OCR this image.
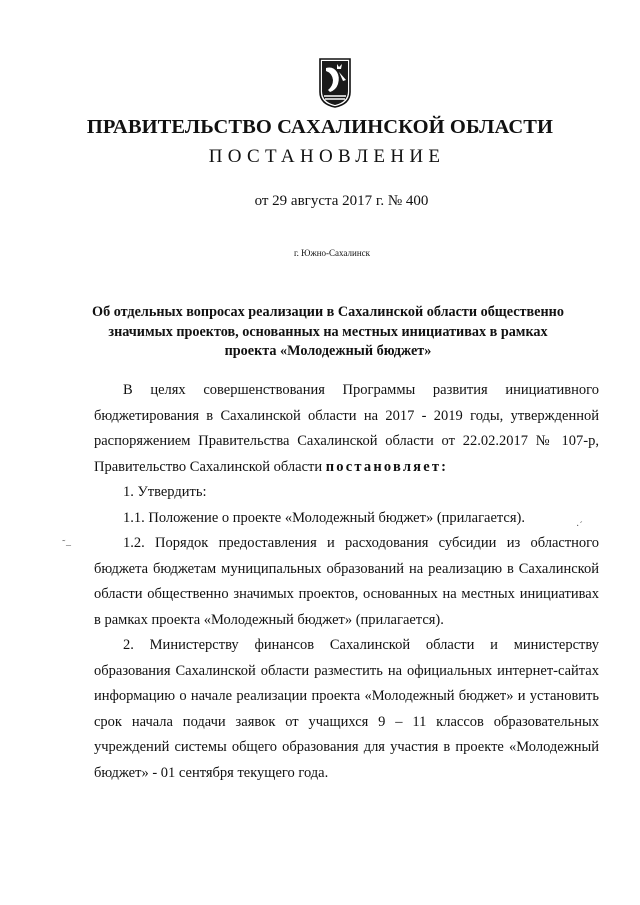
ПРАВИТЕЛЬСТВО САХАЛИНСКОЙ ОБЛАСТИ
ПОСТАНОВЛЕНИЕ
от 29 августа 2017 г. № 400
г. Южно-Сахалинск
Об отдельных вопросах реализации в Сахалинской области общественно
значимых проектов, основанных на местных инициативах в рамках
проекта «Молодежный бюджет»

В целях совершенствования Программы развития инициативного бюджетирования в Сахалинской области на 2017 - 2019 годы, утвержденной распоряжением Правительства Сахалинской области от 22.02.2017 № 107-р, Правительство Сахалинской области постановляет:

1. Утвердить:

1.1. Положение о проекте «Молодежный бюджет» (прилагается).

1.2. Порядок предоставления и расходования субсидии из областного бюджета бюджетам муниципальных образований на реализацию в Сахалинской области общественно значимых проектов, основанных на местных инициативах в рамках проекта «Молодежный бюджет» (прилагается).

2. Министерству финансов Сахалинской области и министерству образования Сахалинской области разместить на официальных интернет-сайтах информацию о начале реализации проекта «Молодежный бюджет» и установить срок начала подачи заявок от учащихся 9 – 11 классов образовательных учреждений системы общего образования для участия в проекте «Молодежный бюджет» - 01 сентября текущего года.

˷
–
·´
